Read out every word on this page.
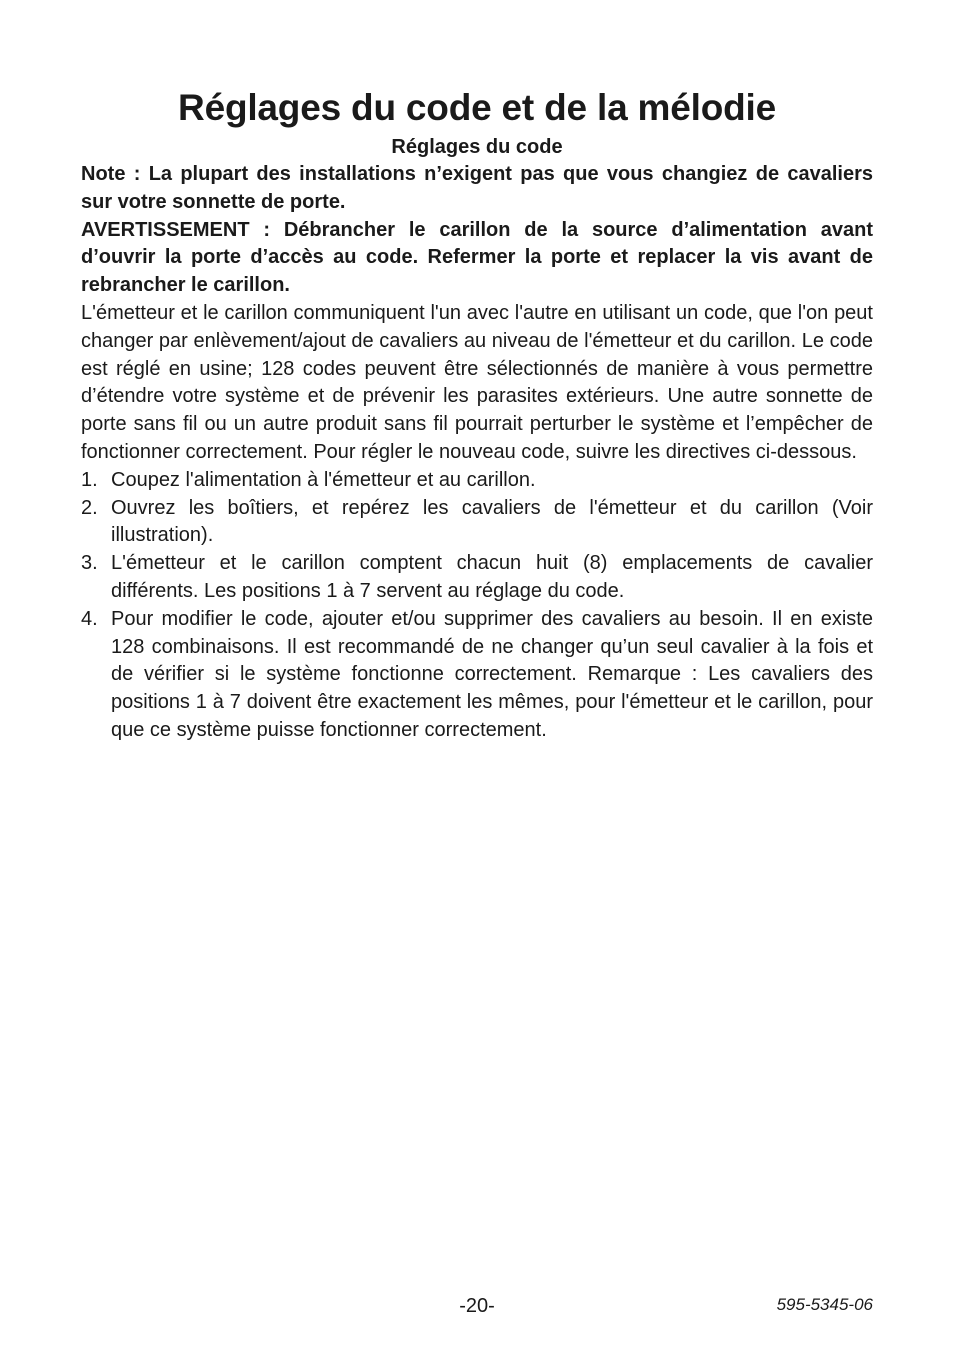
Réglages du code et de la mélodie
Réglages du code

Note : La plupart des installations n’exigent pas que vous changiez de cavaliers sur votre sonnette de porte.

AVERTISSEMENT : Débrancher le carillon de la source d’alimentation avant d’ouvrir la porte d’accès au code. Refermer la porte et replacer la vis avant de rebrancher le carillon.

L'émetteur et le carillon communiquent l'un avec l'autre en utilisant un code, que l'on peut changer par enlèvement/ajout de cavaliers au niveau de l'émetteur et du carillon. Le code est réglé en usine; 128 codes peuvent être sélectionnés de manière à vous permettre d’étendre votre système et de prévenir les parasites extérieurs. Une autre sonnette de porte sans fil ou un autre produit sans fil pourrait perturber le système et l’empêcher de fonctionner correctement. Pour régler le nouveau code, suivre les directives ci-dessous.

1. Coupez l'alimentation à l'émetteur et au carillon.
2. Ouvrez les boîtiers, et repérez les cavaliers de l'émetteur et du carillon (Voir illustration).
3. L'émetteur et le carillon comptent chacun huit (8) emplacements de cavalier différents. Les positions 1 à 7 servent au réglage du code.
4. Pour modifier le code, ajouter et/ou supprimer des cavaliers au besoin. Il en existe 128 combinaisons. Il est recommandé de ne changer qu’un seul cavalier à la fois et de vérifier si le système fonctionne correctement. Remarque : Les cavaliers des positions 1 à 7 doivent être exactement les mêmes, pour l'émetteur et le carillon, pour que ce système puisse fonctionner correctement.
-20-	595-5345-06
